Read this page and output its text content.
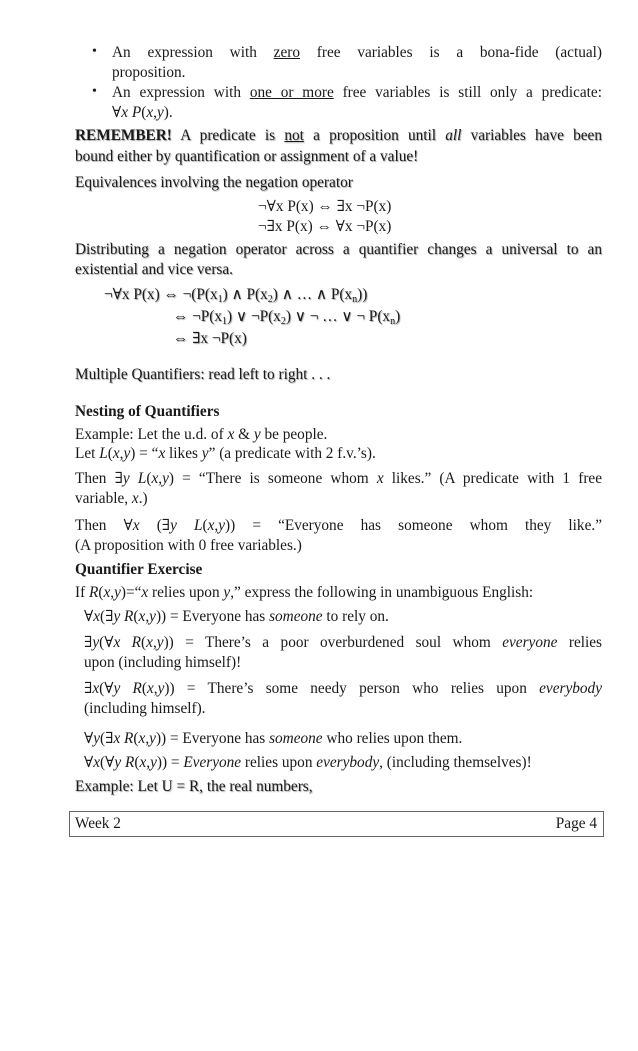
• An expression with zero free variables is a bona-fide (actual)
proposition.
• An expression with one or more free variables is still only a predicate:
∀x P(x,y).
REMEMBER! A predicate is not a proposition until all variables have been
bound either by quantification or assignment of a value!
Equivalences involving the negation operator
¬∀x P(x) ⇔ ∃x ¬P(x)
¬∃x P(x) ⇔ ∀x ¬P(x)
Distributing a negation operator across a quantifier changes a universal to an
existential and vice versa.
¬∀x P(x) ⇔ $\neg(P(x_1)$ ∧ $P(x_2)$ ∧ … ∧ $P(x_n)$)
⇔ $\neg P(x_1)$ ∨ $\neg P(x_2)$ ∨ ¬ … ∨ ¬ $P(x_n)$
⇔ ∃x ¬P(x)
Multiple Quantifiers: read left to right . . .
Nesting of Quantifiers
Example: Let the u.d. of x & y be people.
Let L(x,y) = “x likes y” (a predicate with 2 f.v.’s).
Then ∃y L(x,y) = “There is someone whom x likes.” (A predicate with 1 free
variable, x.)
Then ∀x (∃y L(x,y)) = “Everyone has someone whom they like.”
(A proposition with 0 free variables.)
Quantifier Exercise
If R(x,y)=“x relies upon y,” express the following in unambiguous English:
∀x(∃y R(x,y)) = Everyone has someone to rely on.
∃y(∀x R(x,y)) = There’s a poor overburdened soul whom everyone relies
upon (including himself)!
∃x(∀y R(x,y)) = There’s some needy person who relies upon everybody
(including himself).
∀y(∃x R(x,y)) = Everyone has someone who relies upon them.
∀x(∀y R(x,y)) = Everyone relies upon everybody, (including themselves)!
Example: Let U = R, the real numbers,
Week 2	Page 4
